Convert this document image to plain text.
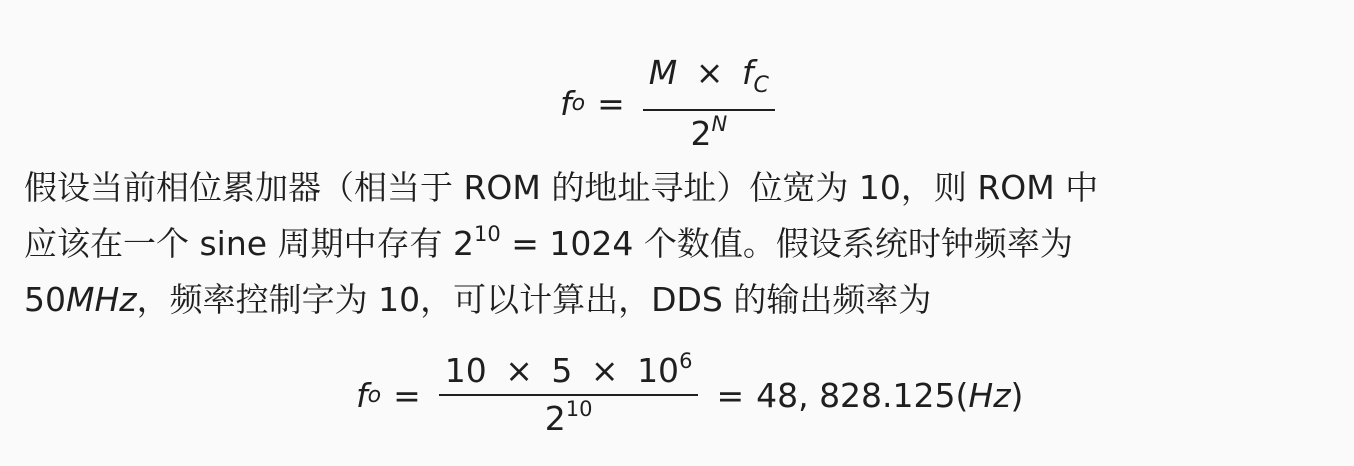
f $o = \frac{M \times f_C}{2^N}$
假设当前相位累加器（相当于 ROM 的地址寻址）位宽为 10，则 ROM 中
应该在一个 sine 周期中存有 $2^{10} = 1024$ 个数值。假设系统时钟频率为
50MHz，频率控制字为 10，可以计算出，DDS 的输出频率为
f $o = \frac{10 \times 5 \times 10^6}{2^{10}} = 48$, 828.125( Hz )
